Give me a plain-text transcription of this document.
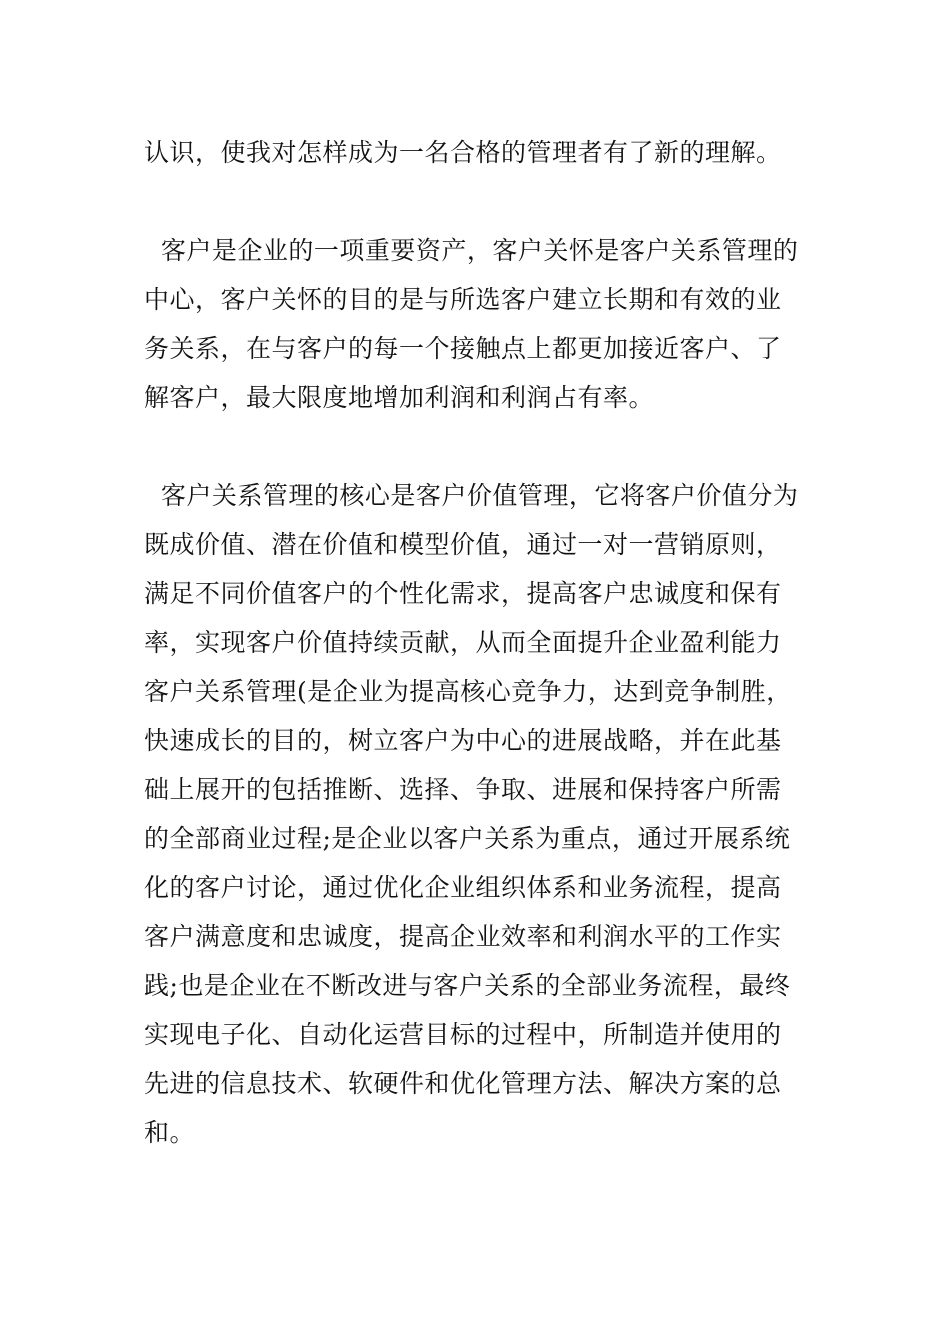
认识，使我对怎样成为一名合格的管理者有了新的理解。

客户是企业的一项重要资产，客户关怀是客户关系管理的
中心，客户关怀的目的是与所选客户建立长期和有效的业
务关系，在与客户的每一个接触点上都更加接近客户、了
解客户，最大限度地增加利润和利润占有率。

客户关系管理的核心是客户价值管理，它将客户价值分为
既成价值、潜在价值和模型价值，通过一对一营销原则，
满足不同价值客户的个性化需求，提高客户忠诚度和保有
率，实现客户价值持续贡献，从而全面提升企业盈利能力
客户关系管理(是企业为提高核心竞争力，达到竞争制胜，
快速成长的目的，树立客户为中心的进展战略，并在此基
础上展开的包括推断、选择、争取、进展和保持客户所需
的全部商业过程;是企业以客户关系为重点，通过开展系统
化的客户讨论，通过优化企业组织体系和业务流程，提高
客户满意度和忠诚度，提高企业效率和利润水平的工作实
践;也是企业在不断改进与客户关系的全部业务流程，最终
实现电子化、自动化运营目标的过程中，所制造并使用的
先进的信息技术、软硬件和优化管理方法、解决方案的总
和。
